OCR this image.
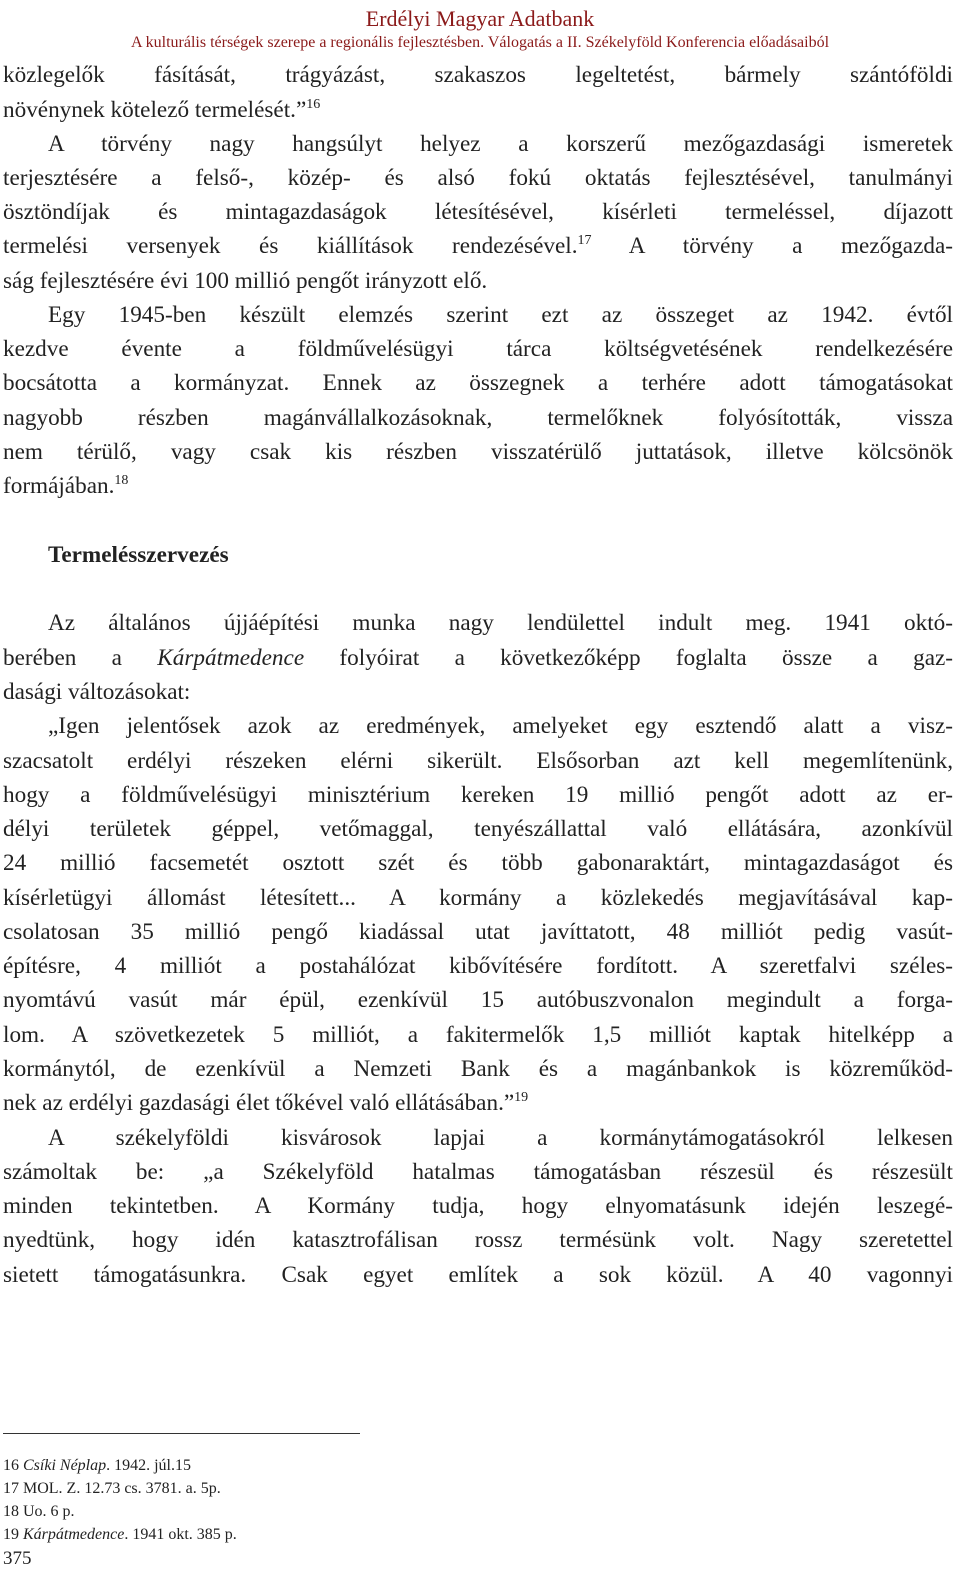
Erdélyi Magyar Adatbank
A kulturális térségek szerepe a regionális fejlesztésben. Válogatás a II. Székelyföld Konferencia előadásaiból
közlegelők fásítását, trágyázást, szakaszos legeltetést, bármely szántóföldi
növénynek kötelező termelését.”$^{16}$
A törvény nagy hangsúlyt helyez a korszerű mezőgazdasági ismeretek
terjesztésére a felső-, közép- és alsó fokú oktatás fejlesztésével, tanulmányi
ösztöndíjak és mintagazdaságok létesítésével, kísérleti termeléssel, díjazott
termelési versenyek és kiállítások rendezésével.$^{17}$ A törvény a mezőgazda-
ság fejlesztésére évi 100 millió pengőt irányzott elő.
Egy 1945-ben készült elemzés szerint ezt az összeget az 1942. évtől
kezdve évente a földművelésügyi tárca költségvetésének rendelkezésére
bocsátotta a kormányzat. Ennek az összegnek a terhére adott támogatásokat
nagyobb részben magánvállalkozásoknak, termelőknek folyósították, vissza
nem térülő, vagy csak kis részben visszatérülő juttatások, illetve kölcsönök
formájában.$^{18}$
Termelésszervezés
Az általános újjáépítési munka nagy lendülettel indult meg. 1941 októ-
berében a Kárpátmedence folyóirat a következőképp foglalta össze a gaz-
dasági változásokat:
„Igen jelentősek azok az eredmények, amelyeket egy esztendő alatt a visz-
szacsatolt erdélyi részeken elérni sikerült. Elsősorban azt kell megemlítenünk,
hogy a földművelésügyi minisztérium kereken 19 millió pengőt adott az er-
délyi területek géppel, vetőmaggal, tenyészállattal való ellátására, azonkívül
24 millió facsemetét osztott szét és több gabonaraktárt, mintagazdaságot és
kísérletügyi állomást létesített... A kormány a közlekedés megjavításával kap-
csolatosan 35 millió pengő kiadással utat javíttatott, 48 milliót pedig vasút-
építésre, 4 milliót a postahálózat kibővítésére fordított. A szeretfalvi széles-
nyomtávú vasút már épül, ezenkívül 15 autóbuszvonalon megindult a forga-
lom. A szövetkezetek 5 milliót, a fakitermelők 1,5 milliót kaptak hitelképp a
kormánytól, de ezenkívül a Nemzeti Bank és a magánbankok is közreműköd-
nek az erdélyi gazdasági élet tőkével való ellátásában.”$^{19}$
A székelyföldi kisvárosok lapjai a kormánytámogatásokról lelkesen
számoltak be: „a Székelyföld hatalmas támogatásban részesül és részesült
minden tekintetben. A Kormány tudja, hogy elnyomatásunk idején leszegé-
nyedtünk, hogy idén katasztrofálisan rossz termésünk volt. Nagy szeretettel
sietett támogatásunkra. Csak egyet említek a sok közül. A 40 vagonnyi
16 Csíki Néplap. 1942. júl.15
17 MOL. Z. 12.73 cs. 3781. a. 5p.
18 Uo. 6 p.
19 Kárpátmedence. 1941 okt. 385 p.
375
